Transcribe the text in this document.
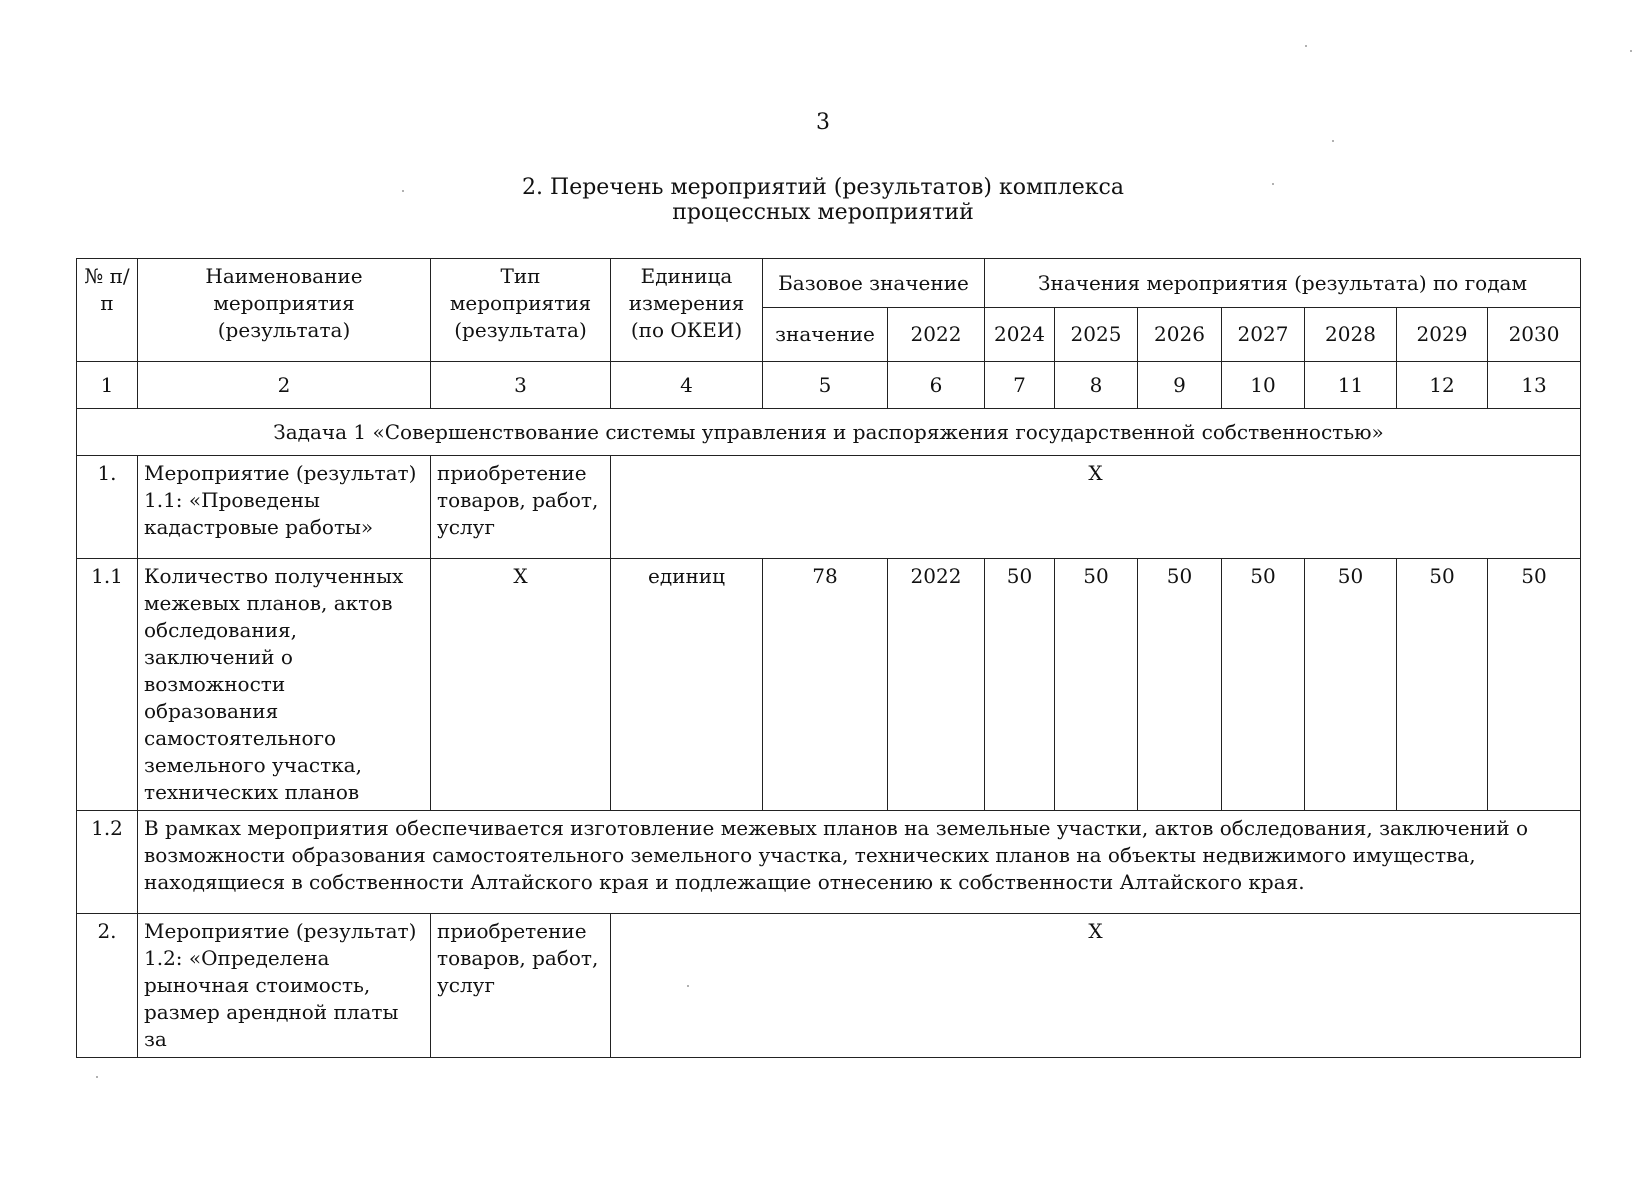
3
2. Перечень мероприятий (результатов) комплекса
процессных мероприятий
№ п/п	Наименование мероприятия (результата)	Тип мероприятия (результата)	Единица измерения (по ОКЕИ)	Базовое значение		Значения мероприятия (результата) по годам						
				значение	2022	2024	2025	2026	2027	2028	2029	2030
1	2	3	4	5	6	7	8	9	10	11	12	13
Задача 1 «Совершенствование системы управления и распоряжения государственной собственностью»												
1.	Мероприятие (результат) 1.1: «Проведены кадастровые работы»	приобретение товаров, работ, услуг	X									
1.1	Количество полученных межевых планов, актов обследования, заключений о возможности образования самостоятельного земельного участка, технических планов	X	единиц	78	2022	50	50	50	50	50	50	50
1.2	В рамках мероприятия обеспечивается изготовление межевых планов на земельные участки, актов обследования, заключений о возможности образования самостоятельного земельного участка, технических планов на объекты недвижимого имущества, находящиеся в собственности Алтайского края и подлежащие отнесению к собственности Алтайского края.											
2.	Мероприятие (результат) 1.2: «Определена рыночная стоимость, размер арендной платы за	приобретение товаров, работ, услуг	X									
